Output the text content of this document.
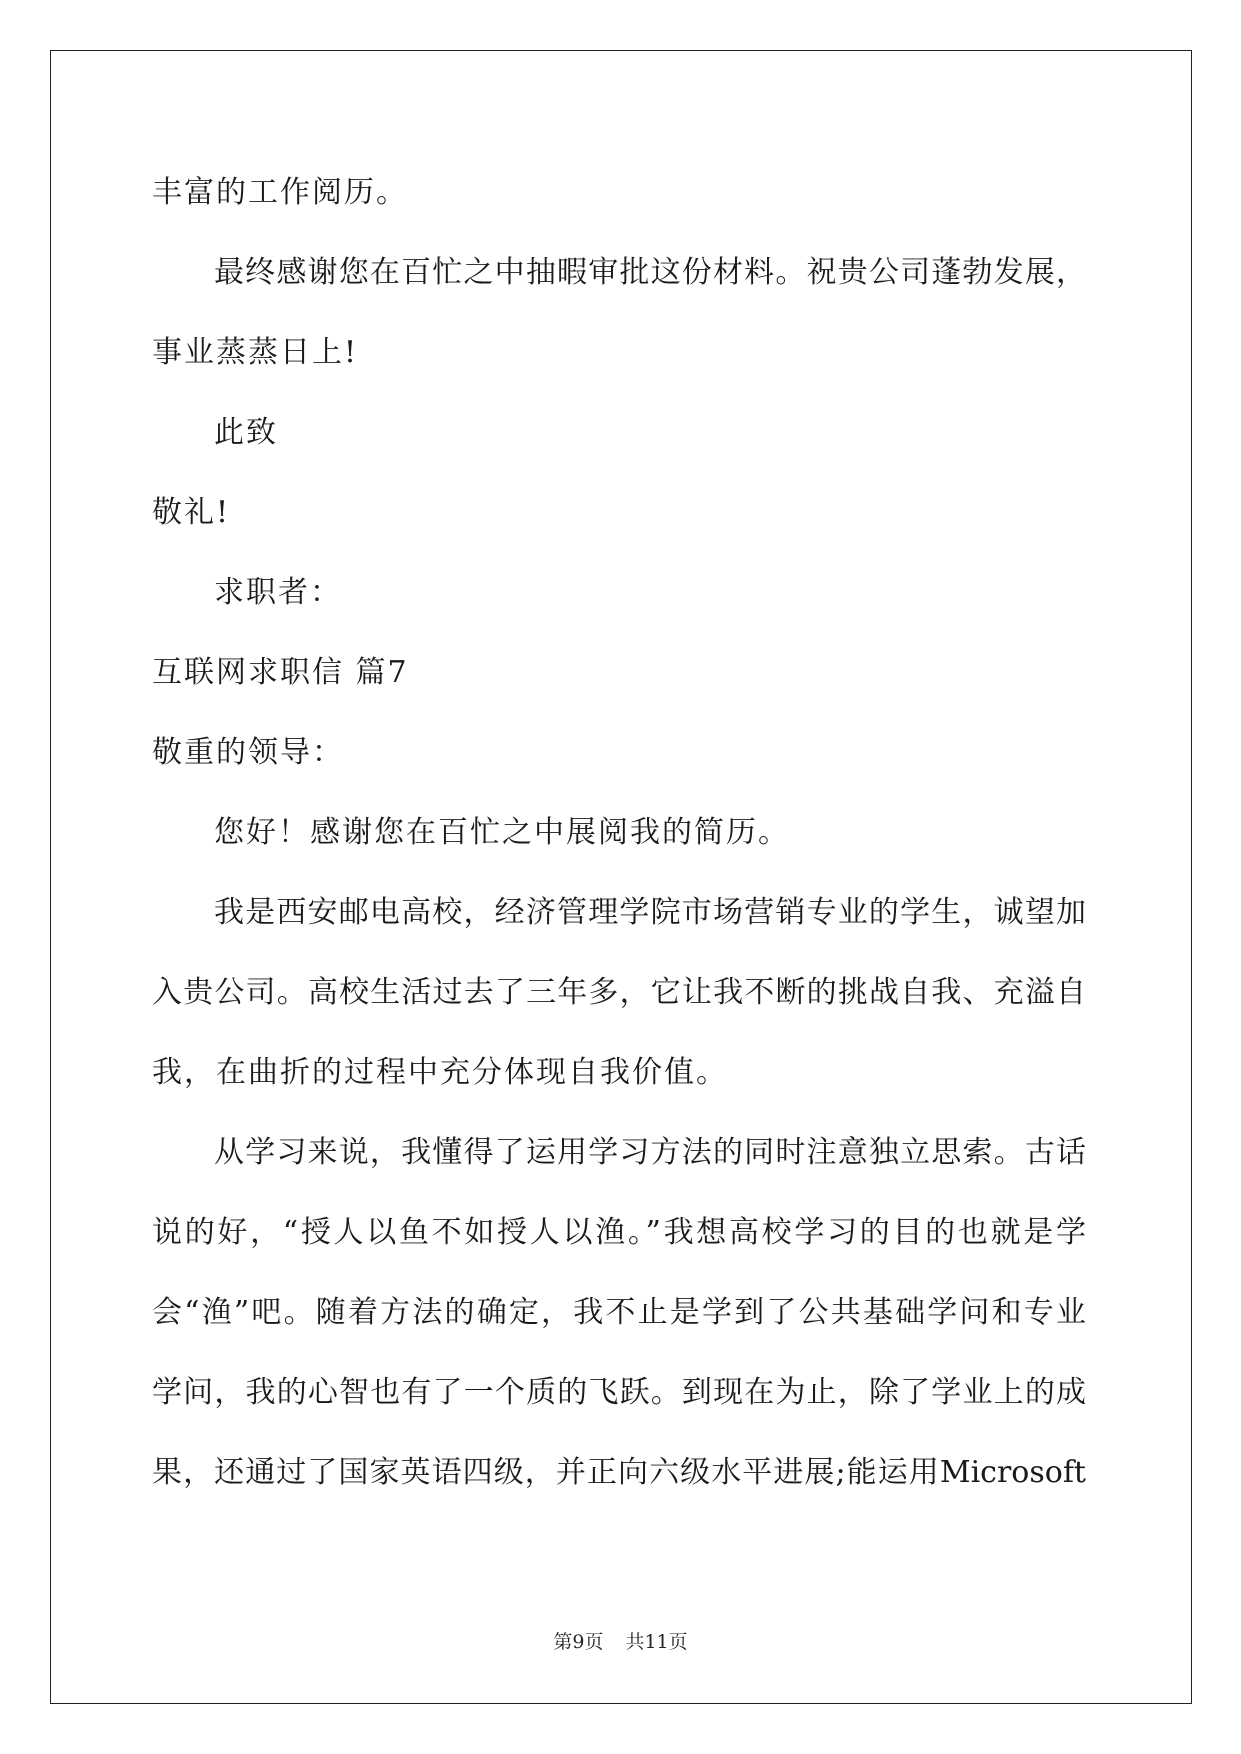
丰富的工作阅历。
最终感谢您在百忙之中抽暇审批这份材料。祝贵公司蓬勃发展，
事业蒸蒸日上!
此致
敬礼!
求职者：
互联网求职信 篇7
敬重的领导：
您好！感谢您在百忙之中展阅我的简历。
我是西安邮电高校，经济管理学院市场营销专业的学生，诚望加
入贵公司。高校生活过去了三年多，它让我不断的挑战自我、充溢自
我，在曲折的过程中充分体现自我价值。
从学习来说，我懂得了运用学习方法的同时注意独立思索。古话
说的好，“授人以鱼不如授人以渔。”我想高校学习的目的也就是学
会“渔”吧。随着方法的确定，我不止是学到了公共基础学问和专业
学问，我的心智也有了一个质的飞跃。到现在为止，除了学业上的成
果，还通过了国家英语四级，并正向六级水平进展;能运用Microsoft
第9页 共11页
